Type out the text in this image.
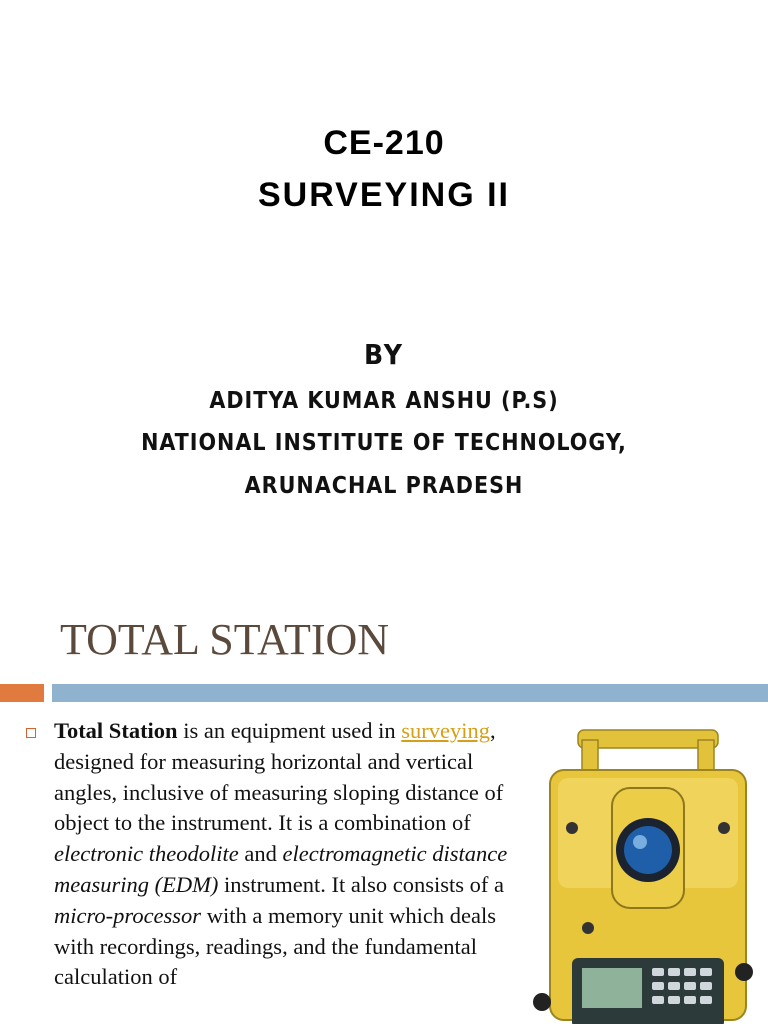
CE-210
SURVEYING II
BY
ADITYA KUMAR ANSHU (P.S)
NATIONAL INSTITUTE OF TECHNOLOGY,
ARUNACHAL PRADESH
TOTAL STATION
Total Station is an equipment used in surveying, designed for measuring horizontal and vertical angles, inclusive of measuring sloping distance of object to the instrument. It is a combination of electronic theodolite and electromagnetic distance measuring (EDM) instrument. It also consists of a micro-processor with a memory unit which deals with recordings, readings, and the fundamental calculation of
